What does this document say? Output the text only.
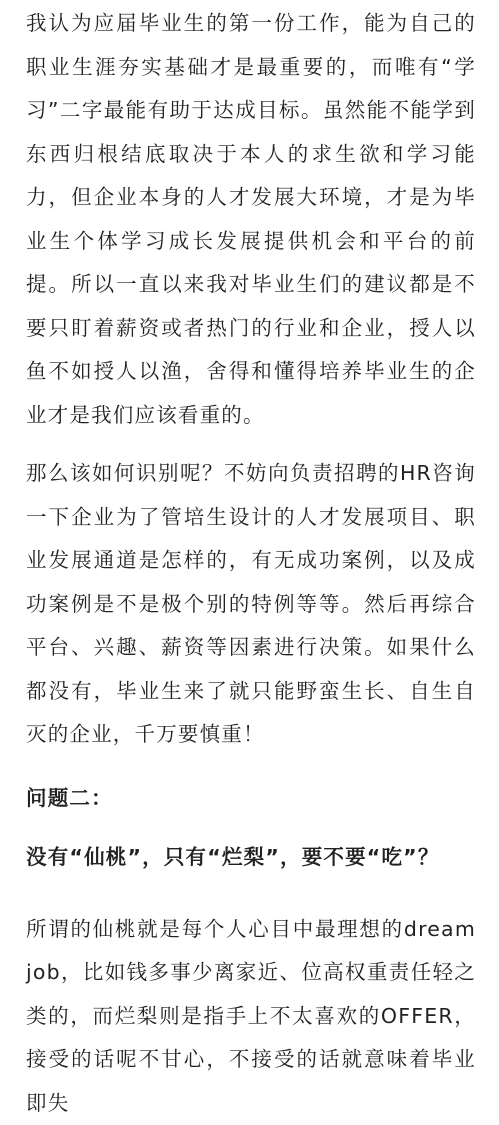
我认为应届毕业生的第一份工作，能为自己的职业生涯夯实基础才是最重要的，而唯有“学习”二字最能有助于达成目标。虽然能不能学到东西归根结底取决于本人的求生欲和学习能力，但企业本身的人才发展大环境，才是为毕业生个体学习成长发展提供机会和平台的前提。所以一直以来我对毕业生们的建议都是不要只盯着薪资或者热门的行业和企业，授人以鱼不如授人以渔，舍得和懂得培养毕业生的企业才是我们应该看重的。

那么该如何识别呢？不妨向负责招聘的HR咨询一下企业为了管培生设计的人才发展项目、职业发展通道是怎样的，有无成功案例，以及成功案例是不是极个别的特例等等。然后再综合平台、兴趣、薪资等因素进行决策。如果什么都没有，毕业生来了就只能野蛮生长、自生自灭的企业，千万要慎重！

问题二：

没有“仙桃”，只有“烂梨”，要不要“吃”？

所谓的仙桃就是每个人心目中最理想的dream job，比如钱多事少离家近、位高权重责任轻之类的，而烂梨则是指手上不太喜欢的OFFER，接受的话呢不甘心，不接受的话就意味着毕业即失
